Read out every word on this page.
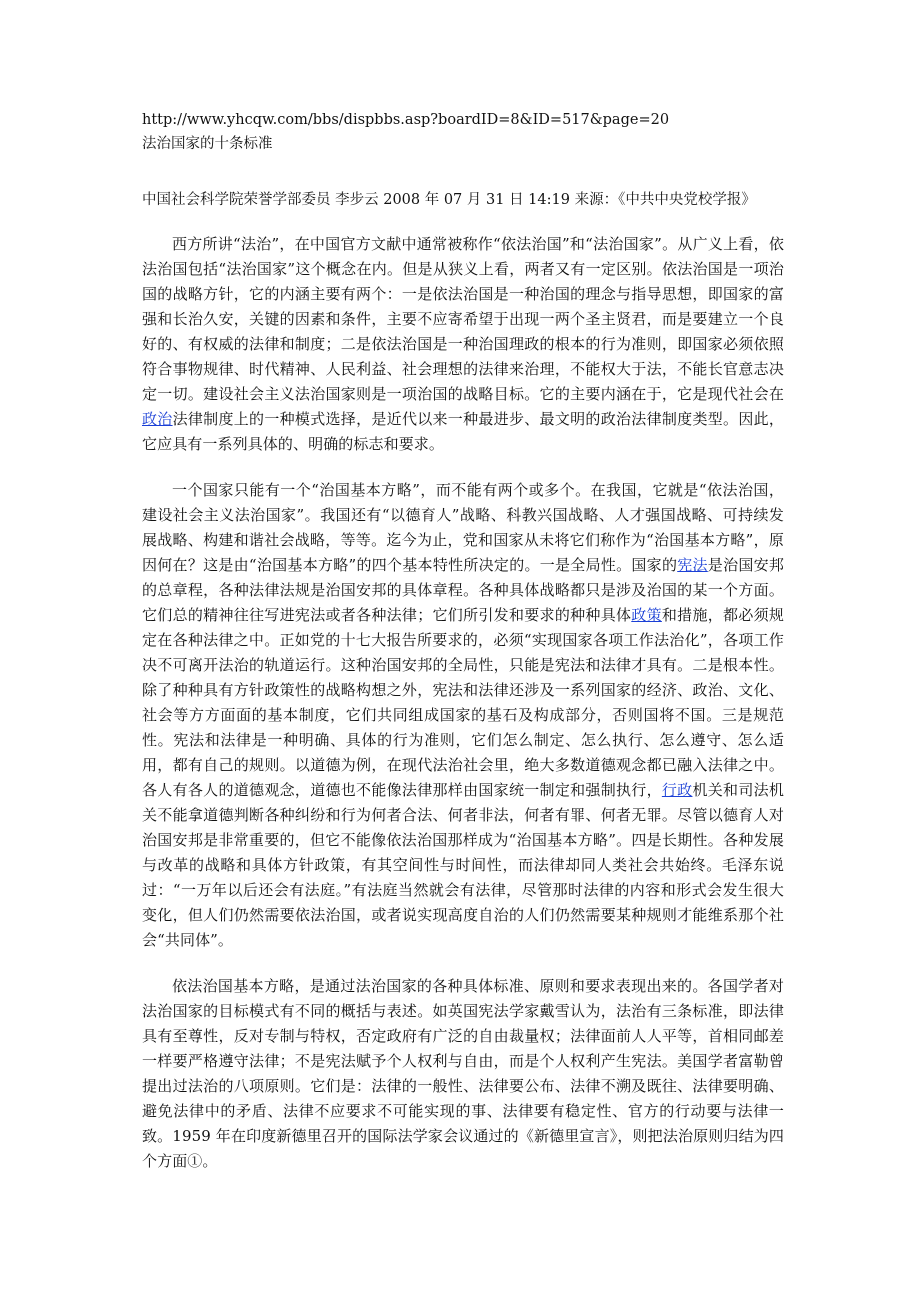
http://www.yhcqw.com/bbs/dispbbs.asp?boardID=8&ID=517&page=20
法治国家的十条标准
中国社会科学院荣誉学部委员 李步云 2008 年 07 月 31 日 14:19 来源：《中共中央党校学报》

西方所讲“法治”，在中国官方文献中通常被称作“依法治国”和“法治国家”。从广义上看，依法治国包括“法治国家”这个概念在内。但是从狭义上看，两者又有一定区别。依法治国是一项治国的战略方针，它的内涵主要有两个：一是依法治国是一种治国的理念与指导思想，即国家的富强和长治久安，关键的因素和条件，主要不应寄希望于出现一两个圣主贤君，而是要建立一个良好的、有权威的法律和制度；二是依法治国是一种治国理政的根本的行为准则，即国家必须依照符合事物规律、时代精神、人民利益、社会理想的法律来治理，不能权大于法，不能长官意志决定一切。建设社会主义法治国家则是一项治国的战略目标。它的主要内涵在于，它是现代社会在政治法律制度上的一种模式选择，是近代以来一种最进步、最文明的政治法律制度类型。因此，它应具有一系列具体的、明确的标志和要求。

一个国家只能有一个“治国基本方略”，而不能有两个或多个。在我国，它就是“依法治国，建设社会主义法治国家”。我国还有“以德育人”战略、科教兴国战略、人才强国战略、可持续发展战略、构建和谐社会战略，等等。迄今为止，党和国家从未将它们称作为“治国基本方略”，原因何在？这是由“治国基本方略”的四个基本特性所决定的。一是全局性。国家的宪法是治国安邦的总章程，各种法律法规是治国安邦的具体章程。各种具体战略都只是涉及治国的某一个方面。它们总的精神往往写进宪法或者各种法律；它们所引发和要求的种种具体政策和措施，都必须规定在各种法律之中。正如党的十七大报告所要求的，必须“实现国家各项工作法治化”，各项工作决不可离开法治的轨道运行。这种治国安邦的全局性，只能是宪法和法律才具有。二是根本性。除了种种具有方针政策性的战略构想之外，宪法和法律还涉及一系列国家的经济、政治、文化、社会等方方面面的基本制度，它们共同组成国家的基石及构成部分，否则国将不国。三是规范性。宪法和法律是一种明确、具体的行为准则，它们怎么制定、怎么执行、怎么遵守、怎么适用，都有自己的规则。以道德为例，在现代法治社会里，绝大多数道德观念都已融入法律之中。各人有各人的道德观念，道德也不能像法律那样由国家统一制定和强制执行，行政机关和司法机关不能拿道德判断各种纠纷和行为何者合法、何者非法，何者有罪、何者无罪。尽管以德育人对治国安邦是非常重要的，但它不能像依法治国那样成为“治国基本方略”。四是长期性。各种发展与改革的战略和具体方针政策，有其空间性与时间性，而法律却同人类社会共始终。毛泽东说过：“一万年以后还会有法庭。”有法庭当然就会有法律，尽管那时法律的内容和形式会发生很大变化，但人们仍然需要依法治国，或者说实现高度自治的人们仍然需要某种规则才能维系那个社会“共同体”。

依法治国基本方略，是通过法治国家的各种具体标准、原则和要求表现出来的。各国学者对法治国家的目标模式有不同的概括与表述。如英国宪法学家戴雪认为，法治有三条标准，即法律具有至尊性，反对专制与特权，否定政府有广泛的自由裁量权；法律面前人人平等，首相同邮差一样要严格遵守法律；不是宪法赋予个人权利与自由，而是个人权利产生宪法。美国学者富勒曾提出过法治的八项原则。它们是：法律的一般性、法律要公布、法律不溯及既往、法律要明确、避免法律中的矛盾、法律不应要求不可能实现的事、法律要有稳定性、官方的行动要与法律一致。1959 年在印度新德里召开的国际法学家会议通过的《新德里宣言》，则把法治原则归结为四个方面①。
